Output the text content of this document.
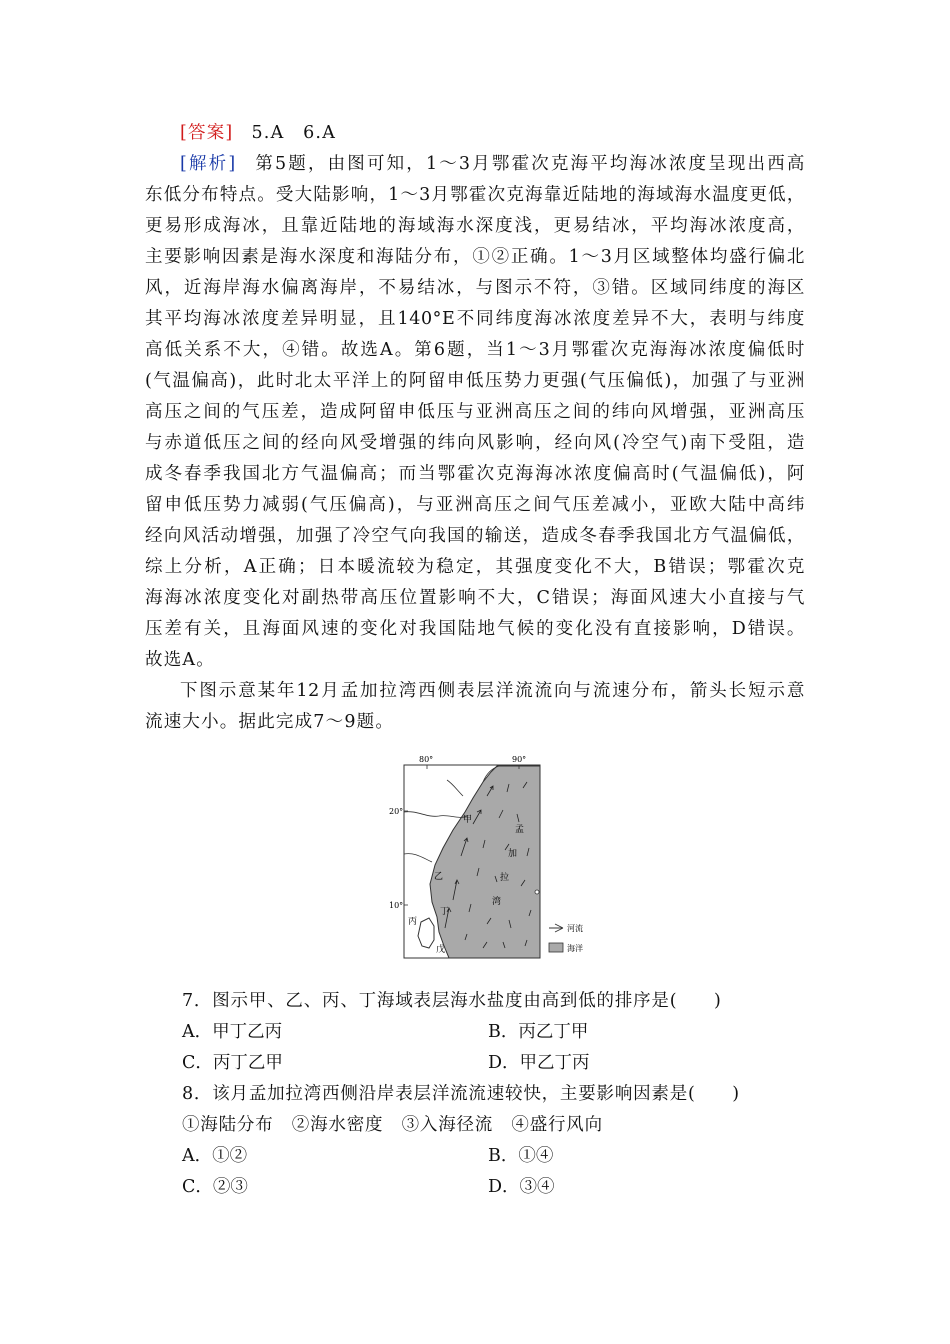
[答案] 5.A　6.A
[解析] 第5题，由图可知，1～3月鄂霍次克海平均海冰浓度呈现出西高
东低分布特点。受大陆影响，1～3月鄂霍次克海靠近陆地的海域海水温度更低，
更易形成海冰，且靠近陆地的海域海水深度浅，更易结冰，平均海冰浓度高，
主要影响因素是海水深度和海陆分布，①②正确。1～3月区域整体均盛行偏北
风，近海岸海水偏离海岸，不易结冰，与图示不符，③错。区域同纬度的海区
其平均海冰浓度差异明显，且140°E不同纬度海冰浓度差异不大，表明与纬度
高低关系不大，④错。故选A。第6题，当1～3月鄂霍次克海海冰浓度偏低时
(气温偏高)，此时北太平洋上的阿留申低压势力更强(气压偏低)，加强了与亚洲
高压之间的气压差，造成阿留申低压与亚洲高压之间的纬向风增强，亚洲高压
与赤道低压之间的经向风受增强的纬向风影响，经向风(冷空气)南下受阻，造
成冬春季我国北方气温偏高；而当鄂霍次克海海冰浓度偏高时(气温偏低)，阿
留申低压势力减弱(气压偏高)，与亚洲高压之间气压差减小，亚欧大陆中高纬
经向风活动增强，加强了冷空气向我国的输送，造成冬春季我国北方气温偏低，
综上分析，A正确；日本暖流较为稳定，其强度变化不大，B错误；鄂霍次克
海海冰浓度变化对副热带高压位置影响不大，C错误；海面风速大小直接与气
压差有关，且海面风速的变化对我国陆地气候的变化没有直接影响，D错误。
故选A。
下图示意某年12月孟加拉湾西侧表层洋流流向与流速分布，箭头长短示意
流速大小。据此完成7～9题。
80°	90°
20°
10°
孟
加
拉
湾
甲
乙
丙
丁
戊
河流
海洋
7．图示甲、乙、丙、丁海域表层海水盐度由高到低的排序是(　　)
A．甲丁乙丙	B．丙乙丁甲
C．丙丁乙甲	D．甲乙丁丙
8．该月孟加拉湾西侧沿岸表层洋流流速较快，主要影响因素是(　　)
①海陆分布　②海水密度　③入海径流　④盛行风向
A．①②	B．①④
C．②③	D．③④
